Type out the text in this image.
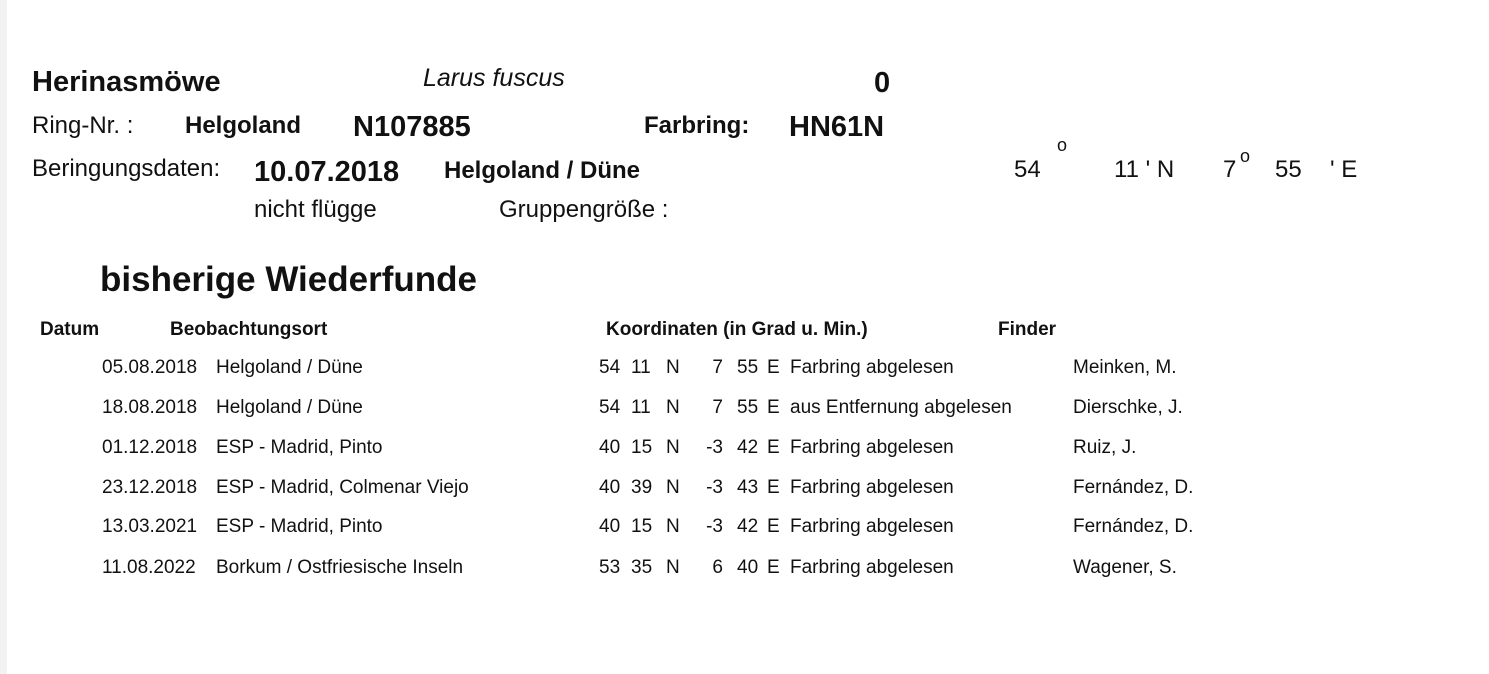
Herinasmöwe	Larus fuscus	0
Ring-Nr. : Helgoland N107885	Farbring: HN61N
Beringungsdaten: 10.07.2018 Helgoland / Düne	54
o
11 ' N 7 o 55 ' E
nicht flügge	Gruppengröße :
bisherige Wiederfunde
Datum	Beobachtungsort	Koordinaten (in Grad u. Min.)	Finder
05.08.2018 Helgoland / Düne	54 11 N	7 55 E Farbring abgelesen	Meinken, M.
18.08.2018 Helgoland / Düne	54 11 N	7 55 E aus Entfernung abgelesen	Dierschke, J.
01.12.2018 ESP - Madrid, Pinto	40 15 N	-3 42 E Farbring abgelesen	Ruiz, J.
23.12.2018 ESP - Madrid, Colmenar Viejo	40 39 N	-3 43 E Farbring abgelesen	Fernández, D.
13.03.2021 ESP - Madrid, Pinto	40 15 N	-3 42 E Farbring abgelesen	Fernández, D.
11.08.2022 Borkum / Ostfriesische Inseln	53 35 N	6 40 E Farbring abgelesen	Wagener, S.
